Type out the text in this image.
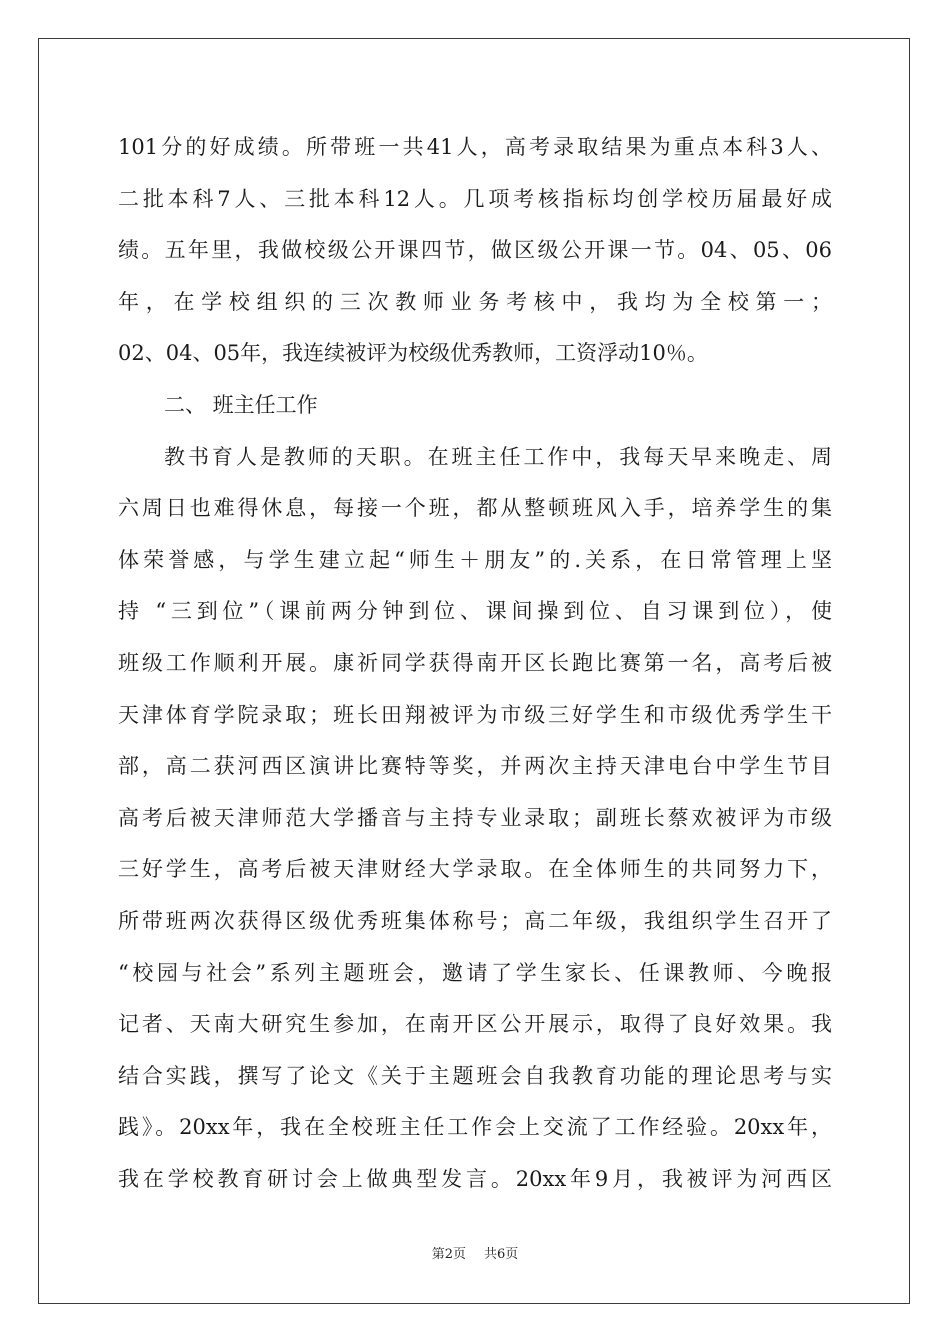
101分的好成绩。所带班一共41人，高考录取结果为重点本科3人、
二批本科7人、三批本科12人。几项考核指标均创学校历届最好成
绩。五年里，我做校级公开课四节，做区级公开课一节。04、05、06
年，在学校组织的三次教师业务考核中，我均为全校第一；
02、04、05年，我连续被评为校级优秀教师，工资浮动10％。
二、 班主任工作
教书育人是教师的天职。在班主任工作中，我每天早来晚走、周
六周日也难得休息，每接一个班，都从整顿班风入手，培养学生的集
体荣誉感，与学生建立起“师生＋朋友”的.关系，在日常管理上坚
持 “三到位”（课前两分钟到位、课间操到位、自习课到位），使
班级工作顺利开展。康祈同学获得南开区长跑比赛第一名，高考后被
天津体育学院录取；班长田翔被评为市级三好学生和市级优秀学生干
部，高二获河西区演讲比赛特等奖，并两次主持天津电台中学生节目
高考后被天津师范大学播音与主持专业录取；副班长蔡欢被评为市级
三好学生，高考后被天津财经大学录取。在全体师生的共同努力下，
所带班两次获得区级优秀班集体称号；高二年级，我组织学生召开了
“校园与社会”系列主题班会，邀请了学生家长、任课教师、今晚报
记者、天南大研究生参加，在南开区公开展示，取得了良好效果。我
结合实践，撰写了论文《关于主题班会自我教育功能的理论思考与实
践》。20xx年，我在全校班主任工作会上交流了工作经验。20xx年，
我在学校教育研讨会上做典型发言。20xx年9月，我被评为河西区
第2页 共6页
